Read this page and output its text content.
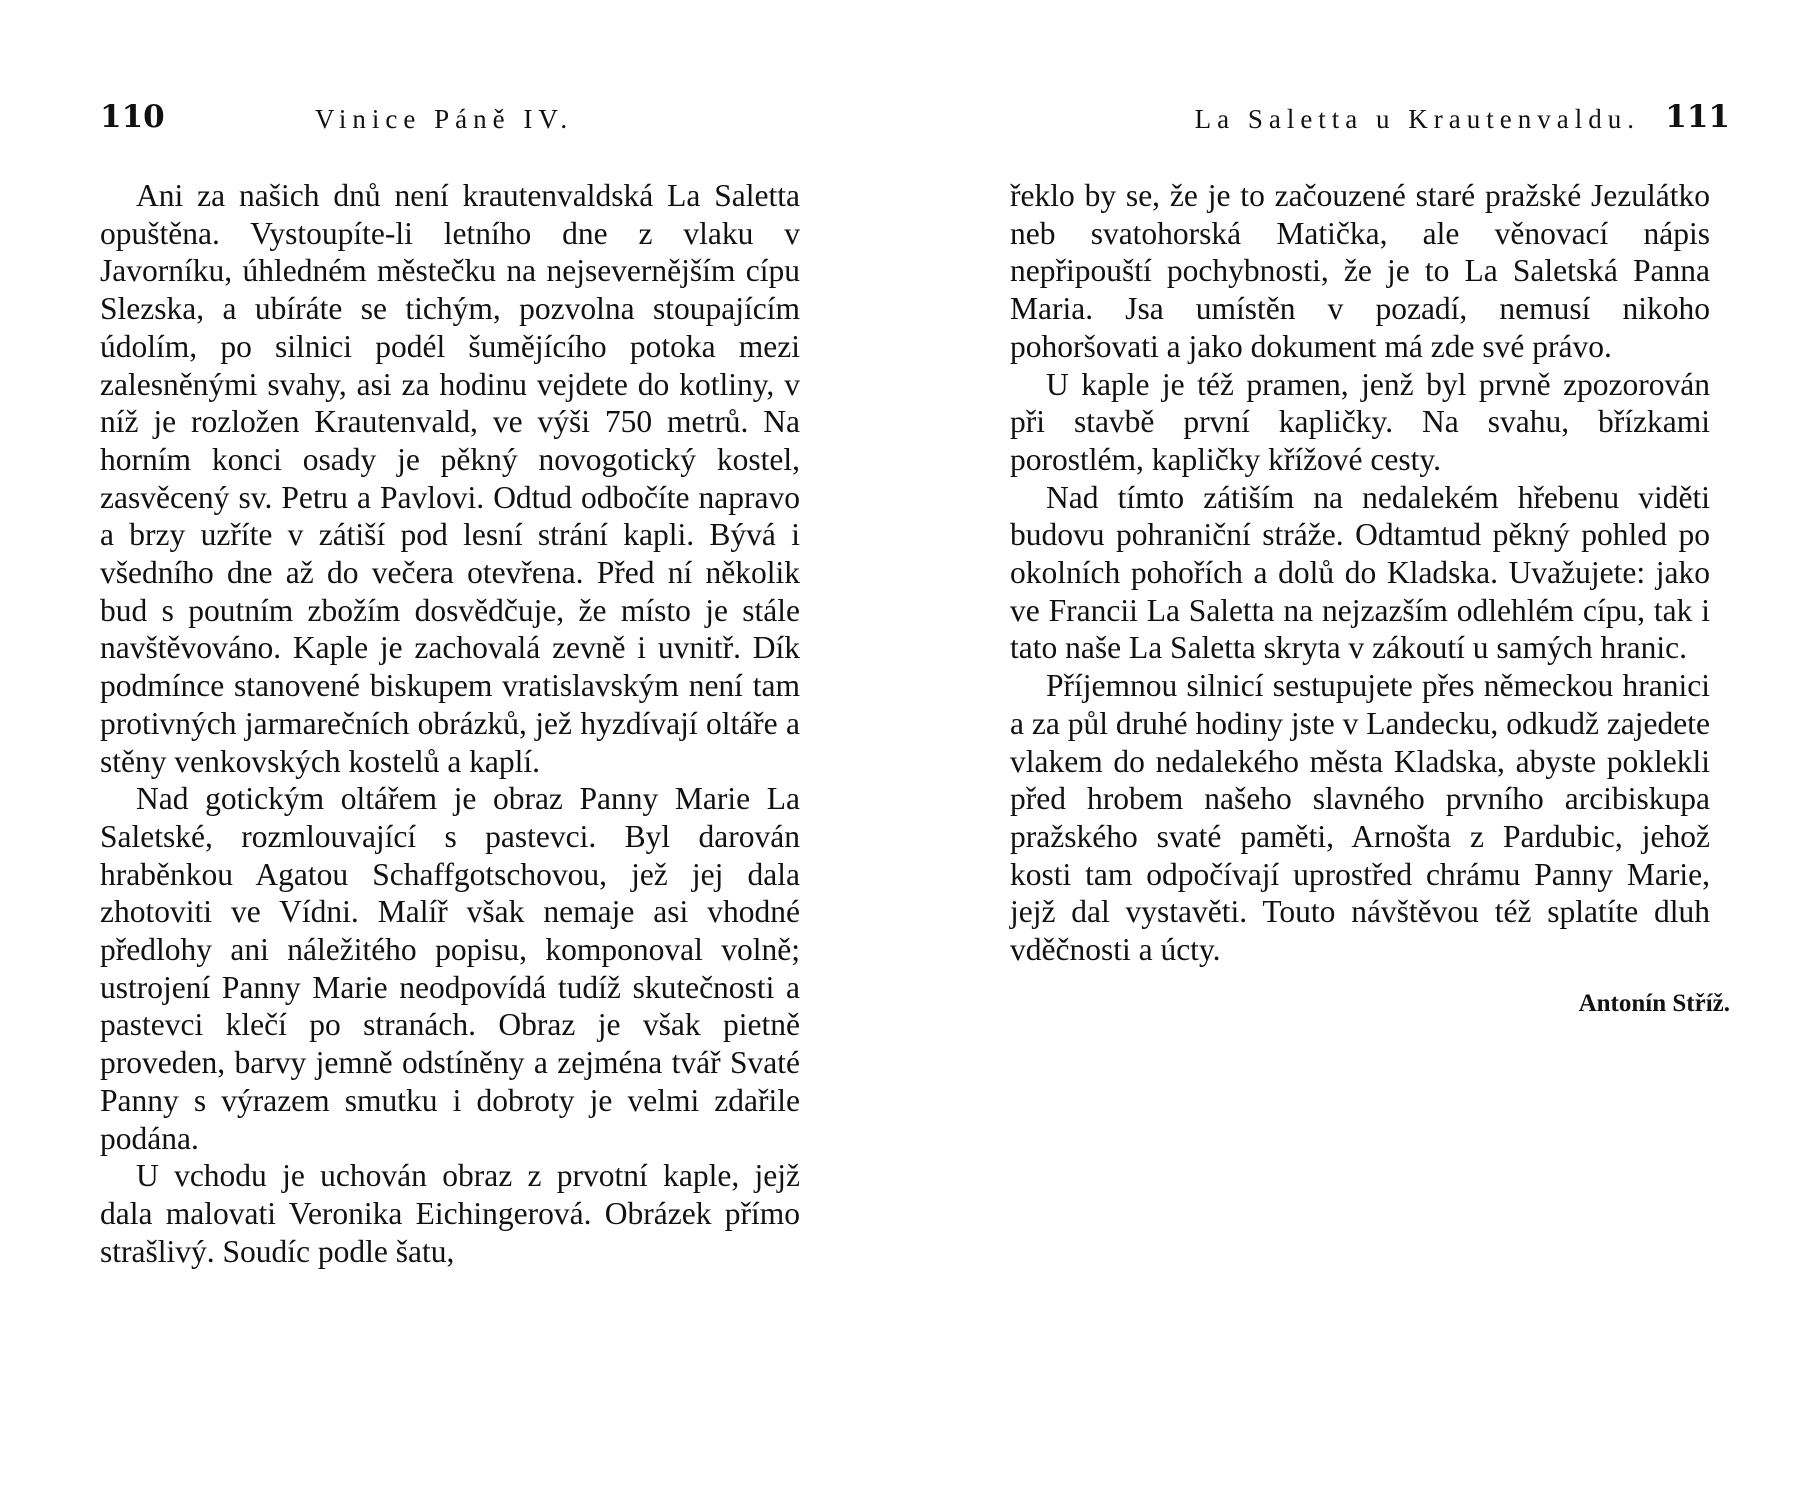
110	Vinice Páně IV.

Ani za našich dnů není krautenvaldská La Saletta opuštěna. Vystoupíte-li letního dne z vlaku v Javorníku, úhledném městečku na nejsevernějším cípu Slezska, a ubíráte se tichým, pozvolna stoupajícím údolím, po silnici podél šumějícího potoka mezi zalesněnými svahy, asi za hodinu vejdete do kotliny, v níž je rozložen Krautenvald, ve výši 750 metrů. Na horním konci osady je pěkný novogotický kostel, zasvěcený sv. Petru a Pavlovi. Odtud odbočíte napravo a brzy uzříte v zátiší pod lesní strání kapli. Bývá i všedního dne až do večera otevřena. Před ní několik bud s poutním zbožím dosvědčuje, že místo je stále navštěvováno. Kaple je zachovalá zevně i uvnitř. Dík podmínce stanovené biskupem vratislavským není tam protivných jarmarečních obrázků, jež hyzdívají oltáře a stěny venkovských kostelů a kaplí.

Nad gotickým oltářem je obraz Panny Marie La Saletské, rozmlouvající s pastevci. Byl darován hraběnkou Agatou Schaffgotschovou, jež jej dala zhotoviti ve Vídni. Malíř však nemaje asi vhodné předlohy ani náležitého popisu, komponoval volně; ustrojení Panny Marie neodpovídá tudíž skutečnosti a pastevci klečí po stranách. Obraz je však pietně proveden, barvy jemně odstíněny a zejména tvář Svaté Panny s výrazem smutku i dobroty je velmi zdařile podána.

U vchodu je uchován obraz z prvotní kaple, jejž dala malovati Veronika Eichingerová. Obrázek přímo strašlivý. Soudíc podle šatu,

La Saletta u Krautenvaldu. 111

řeklo by se, že je to začouzené staré pražské Jezulátko neb svatohorská Matička, ale věnovací nápis nepřipouští pochybnosti, že je to La Saletská Panna Maria. Jsa umístěn v pozadí, nemusí nikoho pohoršovati a jako dokument má zde své právo.

U kaple je též pramen, jenž byl prvně zpozorován při stavbě první kapličky. Na svahu, břízkami porostlém, kapličky křížové cesty.

Nad tímto zátiším na nedalekém hřebenu viděti budovu pohraniční stráže. Odtamtud pěkný pohled po okolních pohořích a dolů do Kladska. Uvažujete: jako ve Francii La Saletta na nejzazším odlehlém cípu, tak i tato naše La Saletta skryta v zákoutí u samých hranic.

Příjemnou silnicí sestupujete přes německou hranici a za půl druhé hodiny jste v Landecku, odkudž zajedete vlakem do nedalekého města Kladska, abyste poklekli před hrobem našeho slavného prvního arcibiskupa pražského svaté paměti, Arnošta z Pardubic, jehož kosti tam odpočívají uprostřed chrámu Panny Marie, jejž dal vystavěti. Touto návštěvou též splatíte dluh vděčnosti a úcty.

Antonín Stříž.
